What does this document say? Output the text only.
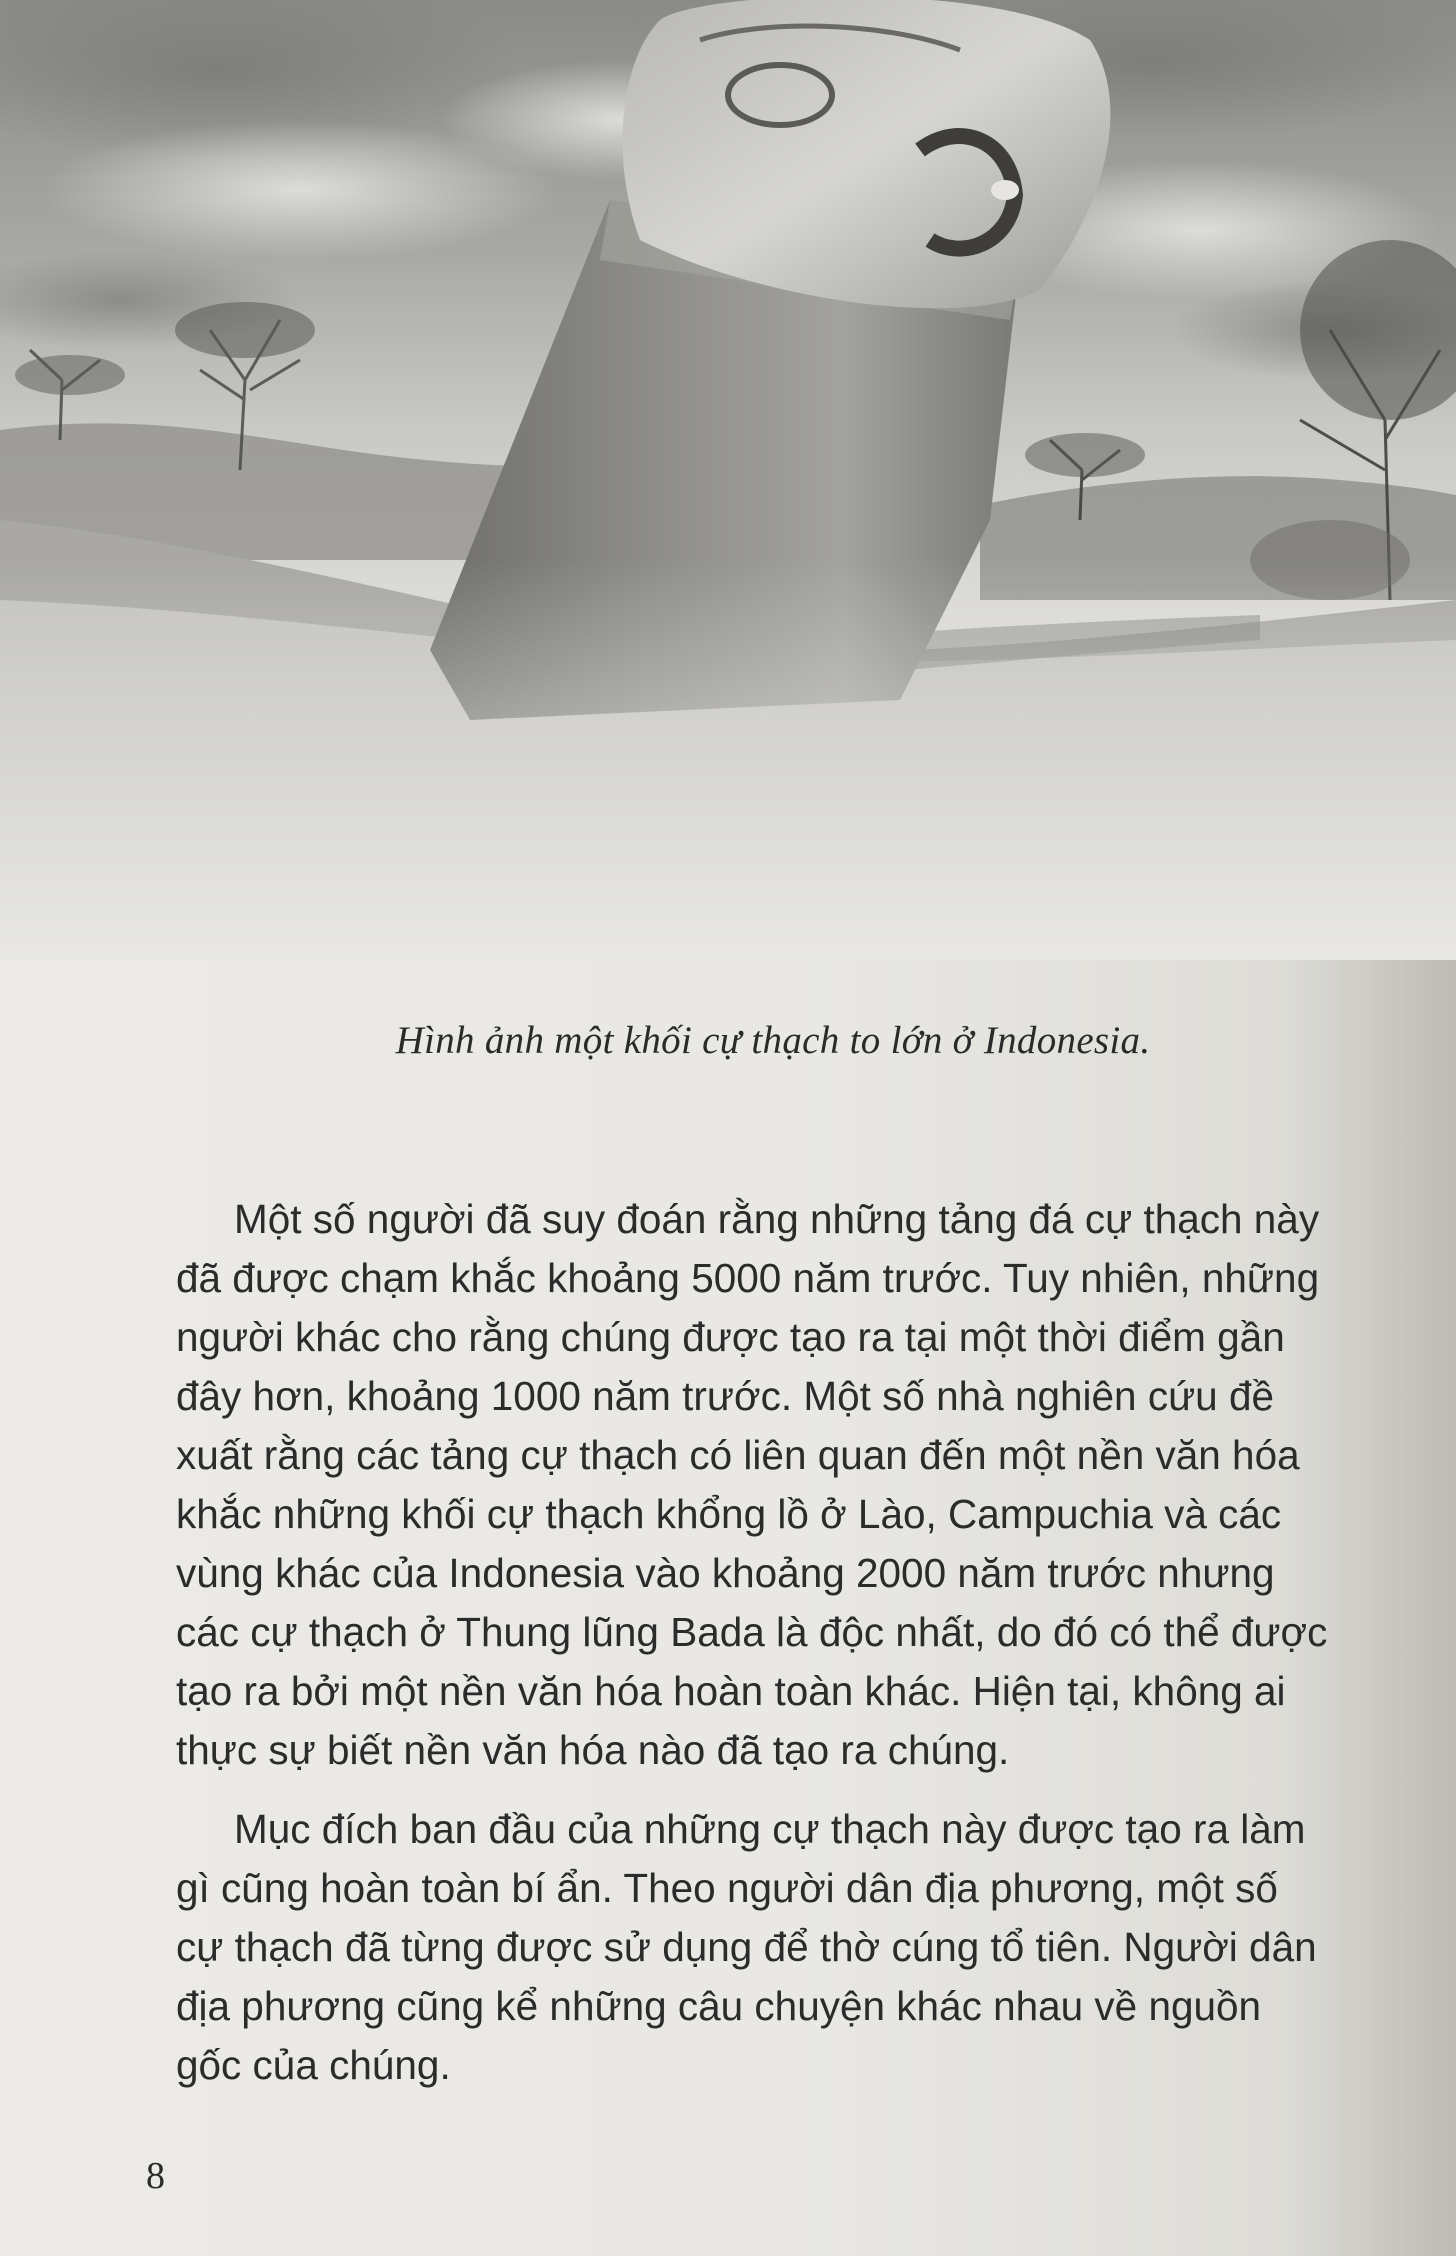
Hình ảnh một khối cự thạch to lớn ở Indonesia.

Một số người đã suy đoán rằng những tảng đá cự thạch này
đã được chạm khắc khoảng 5000 năm trước. Tuy nhiên, những
người khác cho rằng chúng được tạo ra tại một thời điểm gần
đây hơn, khoảng 1000 năm trước. Một số nhà nghiên cứu đề
xuất rằng các tảng cự thạch có liên quan đến một nền văn hóa
khắc những khối cự thạch khổng lồ ở Lào, Campuchia và các
vùng khác của Indonesia vào khoảng 2000 năm trước nhưng
các cự thạch ở Thung lũng Bada là độc nhất, do đó có thể được
tạo ra bởi một nền văn hóa hoàn toàn khác. Hiện tại, không ai
thực sự biết nền văn hóa nào đã tạo ra chúng.

Mục đích ban đầu của những cự thạch này được tạo ra làm
gì cũng hoàn toàn bí ẩn. Theo người dân địa phương, một số
cự thạch đã từng được sử dụng để thờ cúng tổ tiên. Người dân
địa phương cũng kể những câu chuyện khác nhau về nguồn
gốc của chúng.

8
